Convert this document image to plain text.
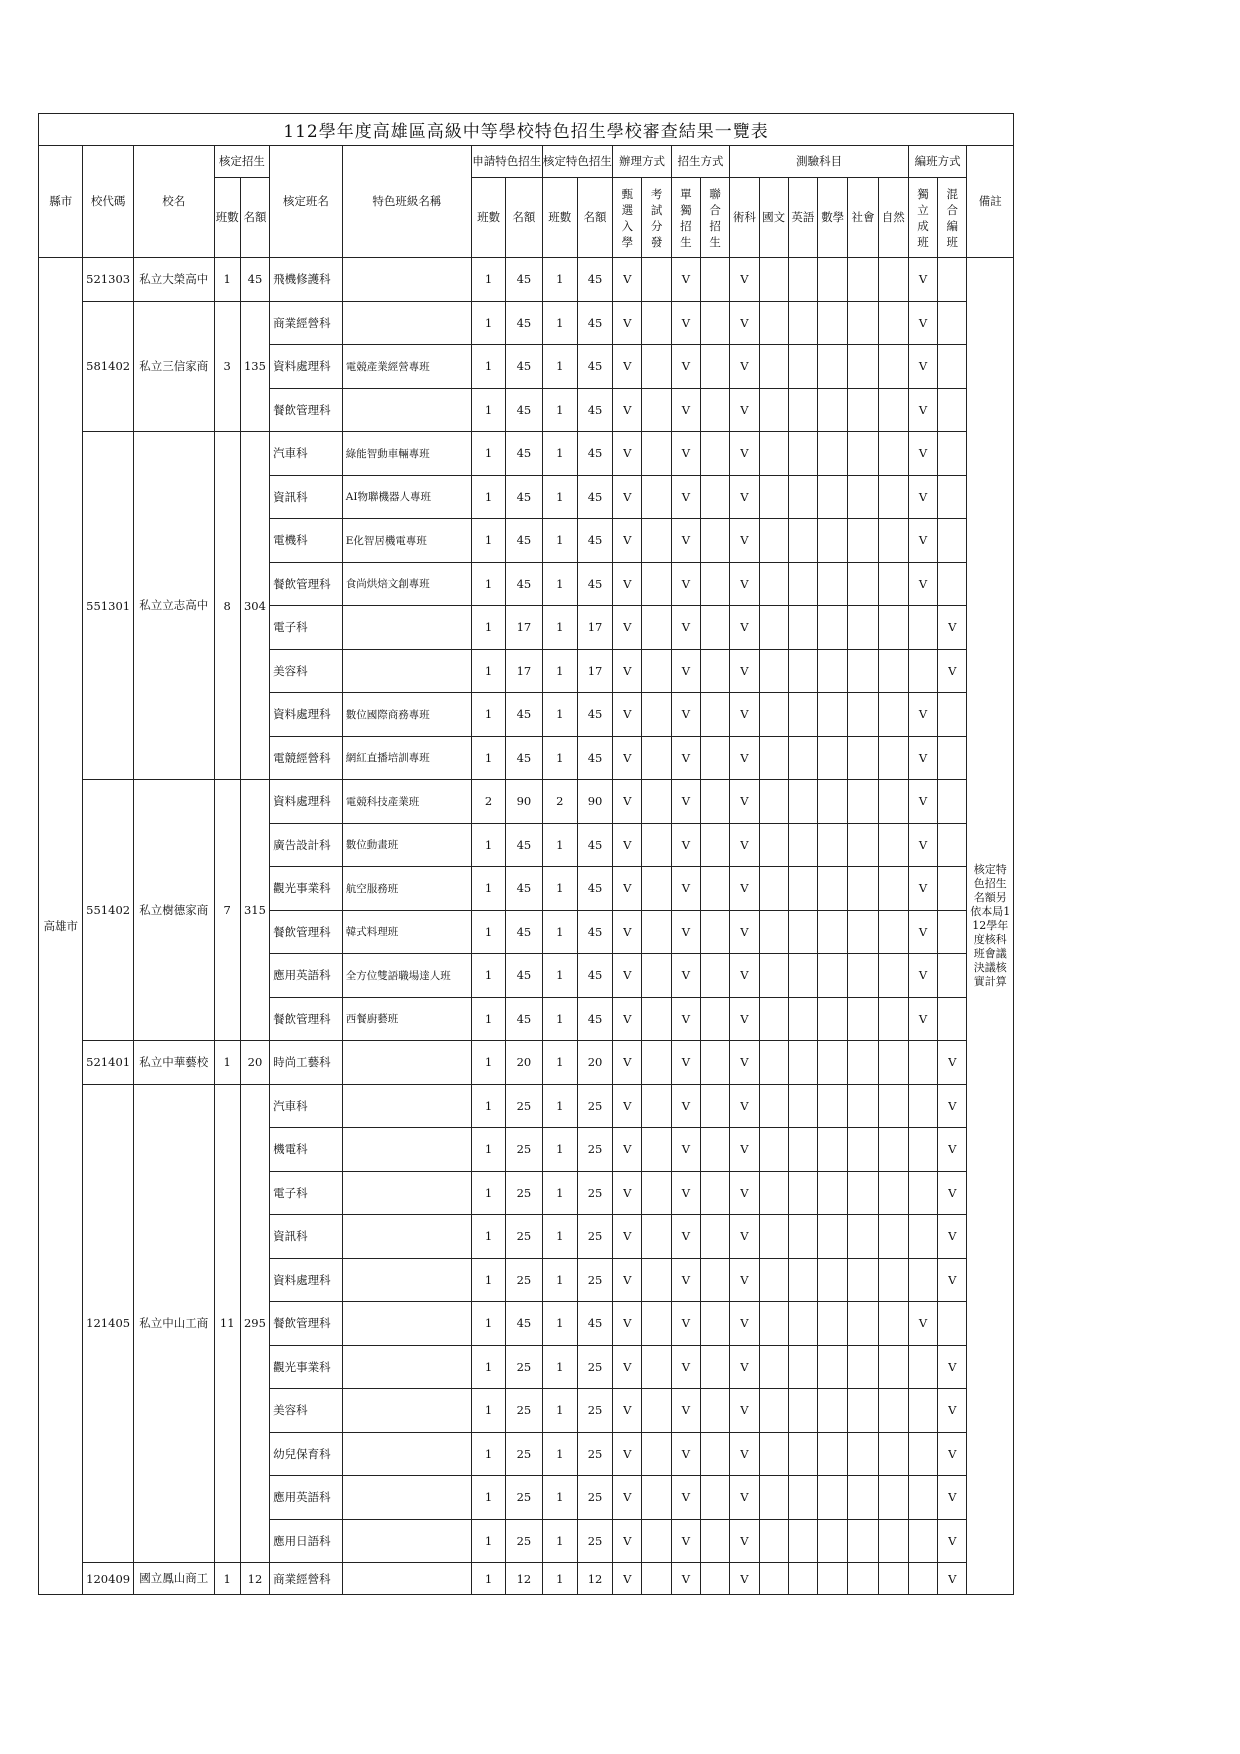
112學年度高雄區高級中等學校特色招生學校審查結果一覽表
縣市	校代碼	校名	核定招生		核定班名	特色班級名稱	申請特色招生		核定特色招生		辦理方式		招生方式		測驗科目						編班方式		備註
			班數	名額			班數	名額	班數	名額	甄選入學	考試分發	單獨招生	聯合招生	術科	國文	英語	數學	社會	自然	獨立成班	混合編班	
高雄市	521303	私立大榮高中	1	45	飛機修護科		1	45	1	45	V		V		V						V		核定特色招生名額另依本局112學年度核科班會議決議核實計算
	581402	私立三信家商	3	135	商業經營科		1	45	1	45	V		V		V						V		
					資料處理科	電競產業經營專班	1	45	1	45	V		V		V						V		
					餐飲管理科		1	45	1	45	V		V		V						V		
	551301	私立立志高中	8	304	汽車科	綠能智動車輛專班	1	45	1	45	V		V		V						V		
					資訊科	AI物聯機器人專班	1	45	1	45	V		V		V						V		
					電機科	E化智居機電專班	1	45	1	45	V		V		V						V		
					餐飲管理科	食尚烘焙文創專班	1	45	1	45	V		V		V						V		
					電子科		1	17	1	17	V		V		V							V	
					美容科		1	17	1	17	V		V		V							V	
					資料處理科	數位國際商務專班	1	45	1	45	V		V		V						V		
					電競經營科	網紅直播培訓專班	1	45	1	45	V		V		V						V		
	551402	私立樹德家商	7	315	資料處理科	電競科技產業班	2	90	2	90	V		V		V						V		
					廣告設計科	數位動畫班	1	45	1	45	V		V		V						V		
					觀光事業科	航空服務班	1	45	1	45	V		V		V						V		
					餐飲管理科	韓式料理班	1	45	1	45	V		V		V						V		
					應用英語科	全方位雙語職場達人班	1	45	1	45	V		V		V						V		
					餐飲管理科	西餐廚藝班	1	45	1	45	V		V		V						V		
	521401	私立中華藝校	1	20	時尚工藝科		1	20	1	20	V		V		V							V	
	121405	私立中山工商	11	295	汽車科		1	25	1	25	V		V		V							V	
					機電科		1	25	1	25	V		V		V							V	
					電子科		1	25	1	25	V		V		V							V	
					資訊科		1	25	1	25	V		V		V							V	
					資料處理科		1	25	1	25	V		V		V							V	
					餐飲管理科		1	45	1	45	V		V		V						V		
					觀光事業科		1	25	1	25	V		V		V							V	
					美容科		1	25	1	25	V		V		V							V	
					幼兒保育科		1	25	1	25	V		V		V							V	
					應用英語科		1	25	1	25	V		V		V							V	
					應用日語科		1	25	1	25	V		V		V							V	
	120409	國立鳳山商工	1	12	商業經營科		1	12	1	12	V		V		V							V	
